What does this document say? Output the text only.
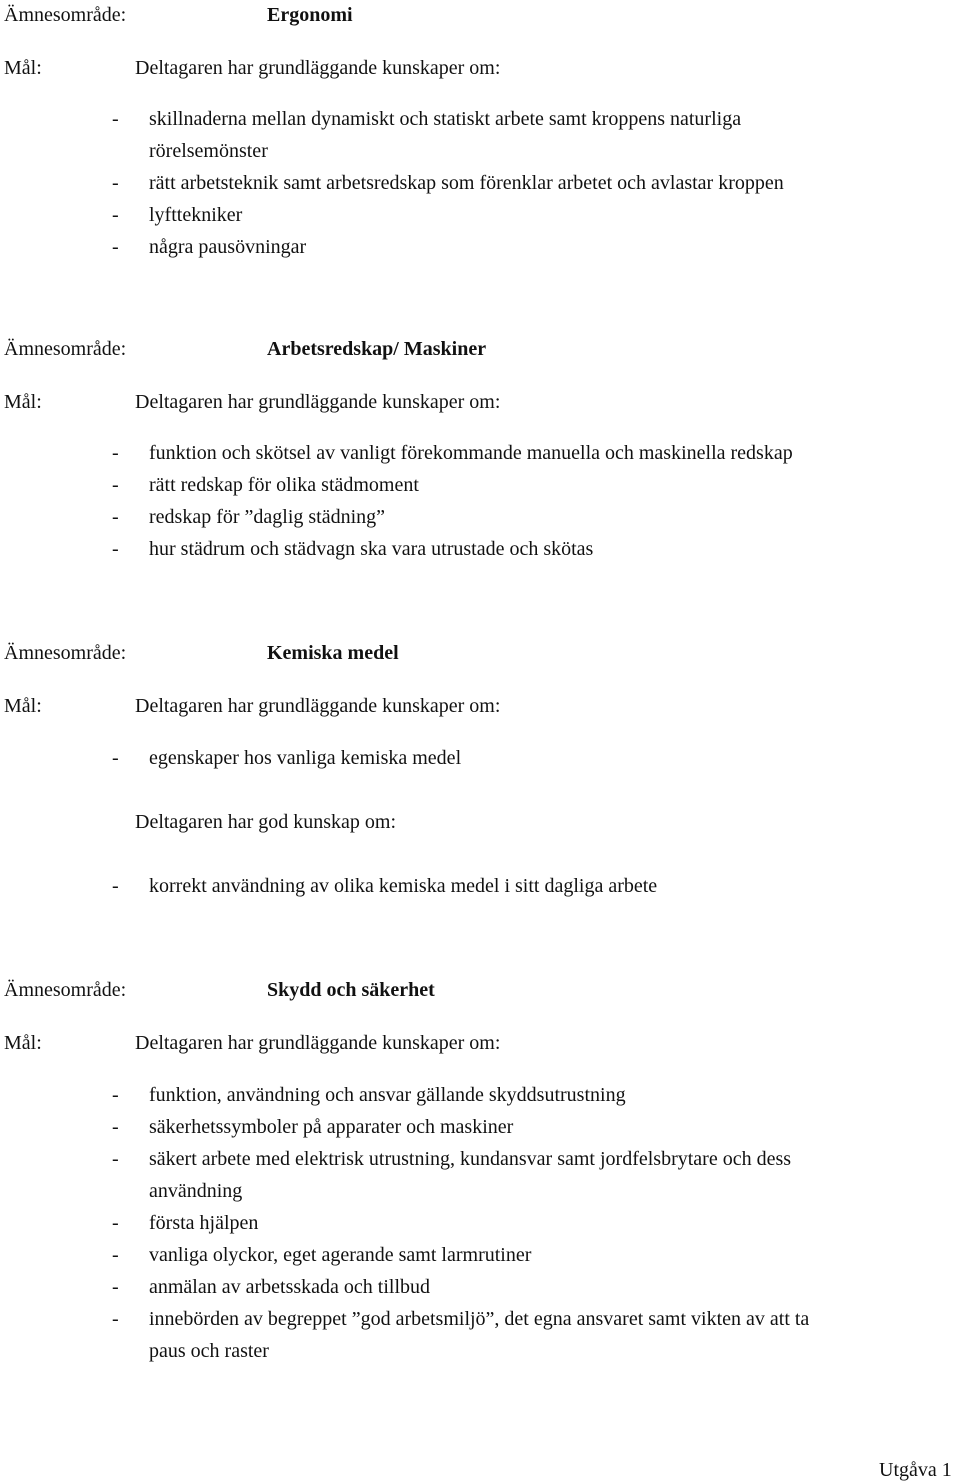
Ämnesområde:	Ergonomi
Mål:	Deltagaren har grundläggande kunskaper om:
- skillnaderna mellan dynamiskt och statiskt arbete samt kroppens naturliga
rörelsemönster
- rätt arbetsteknik samt arbetsredskap som förenklar arbetet och avlastar kroppen
- lyfttekniker
- några pausövningar
Ämnesområde:	Arbetsredskap/ Maskiner
Mål:	Deltagaren har grundläggande kunskaper om:
- funktion och skötsel av vanligt förekommande manuella och maskinella redskap
- rätt redskap för olika städmoment
- redskap för ”daglig städning”
- hur städrum och städvagn ska vara utrustade och skötas
Ämnesområde:	Kemiska medel
Mål:	Deltagaren har grundläggande kunskaper om:
- egenskaper hos vanliga kemiska medel
Deltagaren har god kunskap om:
- korrekt användning av olika kemiska medel i sitt dagliga arbete
Ämnesområde:	Skydd och säkerhet
Mål:	Deltagaren har grundläggande kunskaper om:
- funktion, användning och ansvar gällande skyddsutrustning
- säkerhetssymboler på apparater och maskiner
- säkert arbete med elektrisk utrustning, kundansvar samt jordfelsbrytare och dess
användning
- första hjälpen
- vanliga olyckor, eget agerande samt larmrutiner
- anmälan av arbetsskada och tillbud
- innebörden av begreppet ”god arbetsmiljö”, det egna ansvaret samt vikten av att ta
paus och raster
Utgåva 1
